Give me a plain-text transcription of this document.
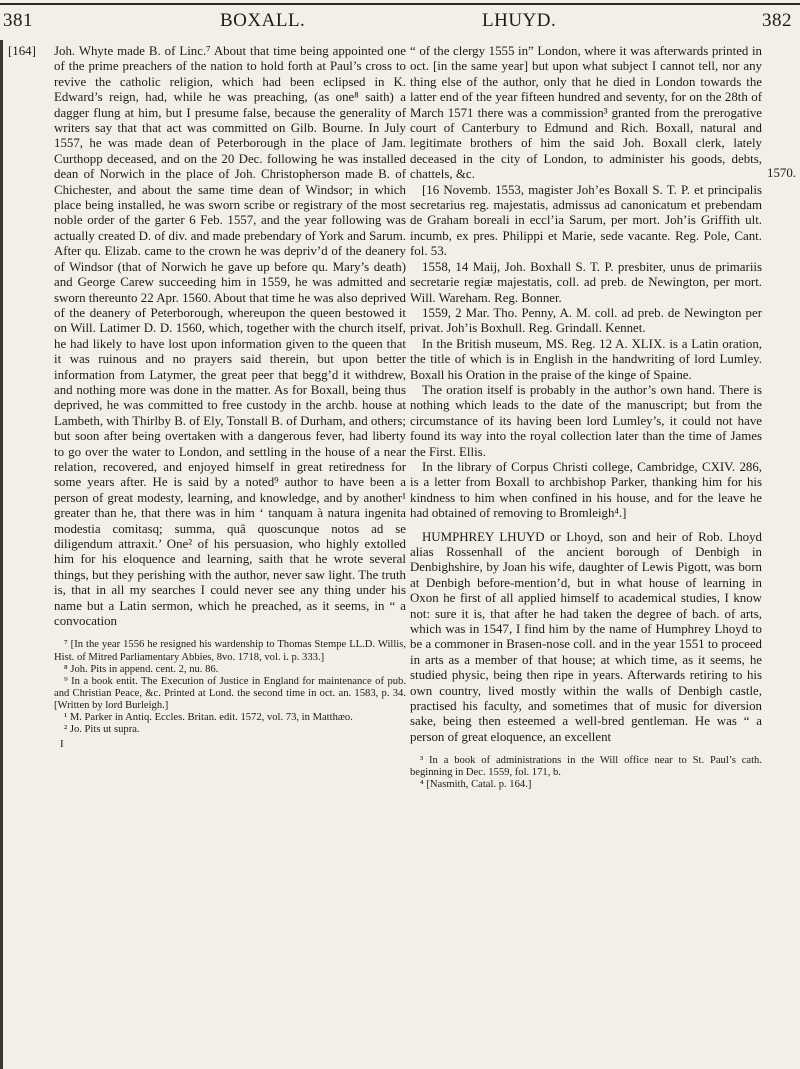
381	BOXALL.	LHUYD.	382
[164]
1570.

Joh. Whyte made B. of Linc.⁷ About that time being appointed one of the prime preachers of the nation to hold forth at Paul’s cross to revive the catholic religion, which had been eclipsed in K. Edward’s reign, had, while he was preaching, (as one⁸ saith) a dagger flung at him, but I presume false, because the generality of writers say that that act was committed on Gilb. Bourne. In July 1557, he was made dean of Peterborough in the place of Jam. Curthopp deceased, and on the 20 Dec. following he was installed dean of Norwich in the place of Joh. Christopherson made B. of Chichester, and about the same time dean of Windsor; in which place being installed, he was sworn scribe or registrary of the most noble order of the garter 6 Feb. 1557, and the year following was actually created D. of div. and made prebendary of York and Sarum. After qu. Elizab. came to the crown he was depriv’d of the deanery of Windsor (that of Norwich he gave up before qu. Mary’s death) and George Carew succeeding him in 1559, he was admitted and sworn thereunto 22 Apr. 1560. About that time he was also deprived of the deanery of Peterborough, whereupon the queen bestowed it on Will. Latimer D. D. 1560, which, together with the church itself, he had likely to have lost upon information given to the queen that it was ruinous and no prayers said therein, but upon better information from Latymer, the great peer that begg’d it withdrew, and nothing more was done in the matter. As for Boxall, being thus deprived, he was committed to free custody in the archb. house at Lambeth, with Thirlby B. of Ely, Tonstall B. of Durham, and others; but soon after being overtaken with a dangerous fever, had liberty to go over the water to London, and settling in the house of a near relation, recovered, and enjoyed himself in great retiredness for some years after. He is said by a noted⁹ author to have been a person of great modesty, learning, and knowledge, and by another¹ greater than he, that there was in him ‘ tanquam à natura ingenita modestia comitasq; summa, quâ quoscunque notos ad se diligendum attraxit.’ One² of his persuasion, who highly extolled him for his eloquence and learning, saith that he wrote several things, but they perishing with the author, never saw light. The truth is, that in all my searches I could never see any thing under his name but a Latin sermon, which he preached, as it seems, in “ a convocation

⁷ [In the year 1556 he resigned his wardenship to Thomas Stempe LL.D. Willis, Hist. of Mitred Parliamentary Abbies, 8vo. 1718, vol. i. p. 333.]

⁸ Joh. Pits in append. cent. 2, nu. 86.

⁹ In a book entit. The Execution of Justice in England for maintenance of pub. and Christian Peace, &c. Printed at Lond. the second time in oct. an. 1583, p. 34. [Written by lord Burleigh.]

¹ M. Parker in Antiq. Eccles. Britan. edit. 1572, vol. 73, in Matthæo.

² Jo. Pits ut supra.

I

“ of the clergy 1555 in” London, where it was afterwards printed in oct. [in the same year] but upon what subject I cannot tell, nor any thing else of the author, only that he died in London towards the latter end of the year fifteen hundred and seventy, for on the 28th of March 1571 there was a commission³ granted from the prerogative court of Canterbury to Edmund and Rich. Boxall, natural and legitimate brothers of him the said Joh. Boxall clerk, lately deceased in the city of London, to administer his goods, debts, chattels, &c.

[16 Novemb. 1553, magister Joh’es Boxall S. T. P. et principalis secretarius reg. majestatis, admissus ad canonicatum et prebendam de Graham boreali in eccl’ia Sarum, per mort. Joh’is Griffith ult. incumb, ex pres. Philippi et Marie, sede vacante. Reg. Pole, Cant. fol. 53.

1558, 14 Maij, Joh. Boxhall S. T. P. presbiter, unus de primariis secretarie regiæ majestatis, coll. ad preb. de Newington, per mort. Will. Wareham. Reg. Bonner.

1559, 2 Mar. Tho. Penny, A. M. coll. ad preb. de Newington per privat. Joh’is Boxhull. Reg. Grindall. Kennet.

In the British museum, MS. Reg. 12 A. XLIX. is a Latin oration, the title of which is in English in the handwriting of lord Lumley. Boxall his Oration in the praise of the kinge of Spaine.

The oration itself is probably in the author’s own hand. There is nothing which leads to the date of the manuscript; but from the circumstance of its having been lord Lumley’s, it could not have found its way into the royal collection later than the time of James the First. Ellis.

In the library of Corpus Christi college, Cambridge, CXIV. 286, is a letter from Boxall to archbishop Parker, thanking him for his kindness to him when confined in his house, and for the leave he had obtained of removing to Bromleigh⁴.]

HUMPHREY LHUYD or Lhoyd, son and heir of Rob. Lhoyd alias Rossenhall of the ancient borough of Denbigh in Denbighshire, by Joan his wife, daughter of Lewis Pigott, was born at Denbigh before-mention’d, but in what house of learning in Oxon he first of all applied himself to academical studies, I know not: sure it is, that after he had taken the degree of bach. of arts, which was in 1547, I find him by the name of Humphrey Lhoyd to be a commoner in Brasen-nose coll. and in the year 1551 to proceed in arts as a member of that house; at which time, as it seems, he studied physic, being then ripe in years. Afterwards retiring to his own country, lived mostly within the walls of Denbigh castle, practised his faculty, and sometimes that of music for diversion sake, being then esteemed a well-bred gentleman. He was “ a person of great eloquence, an excellent

³ In a book of administrations in the Will office near to St. Paul’s cath. beginning in Dec. 1559, fol. 171, b.

⁴ [Nasmith, Catal. p. 164.]
